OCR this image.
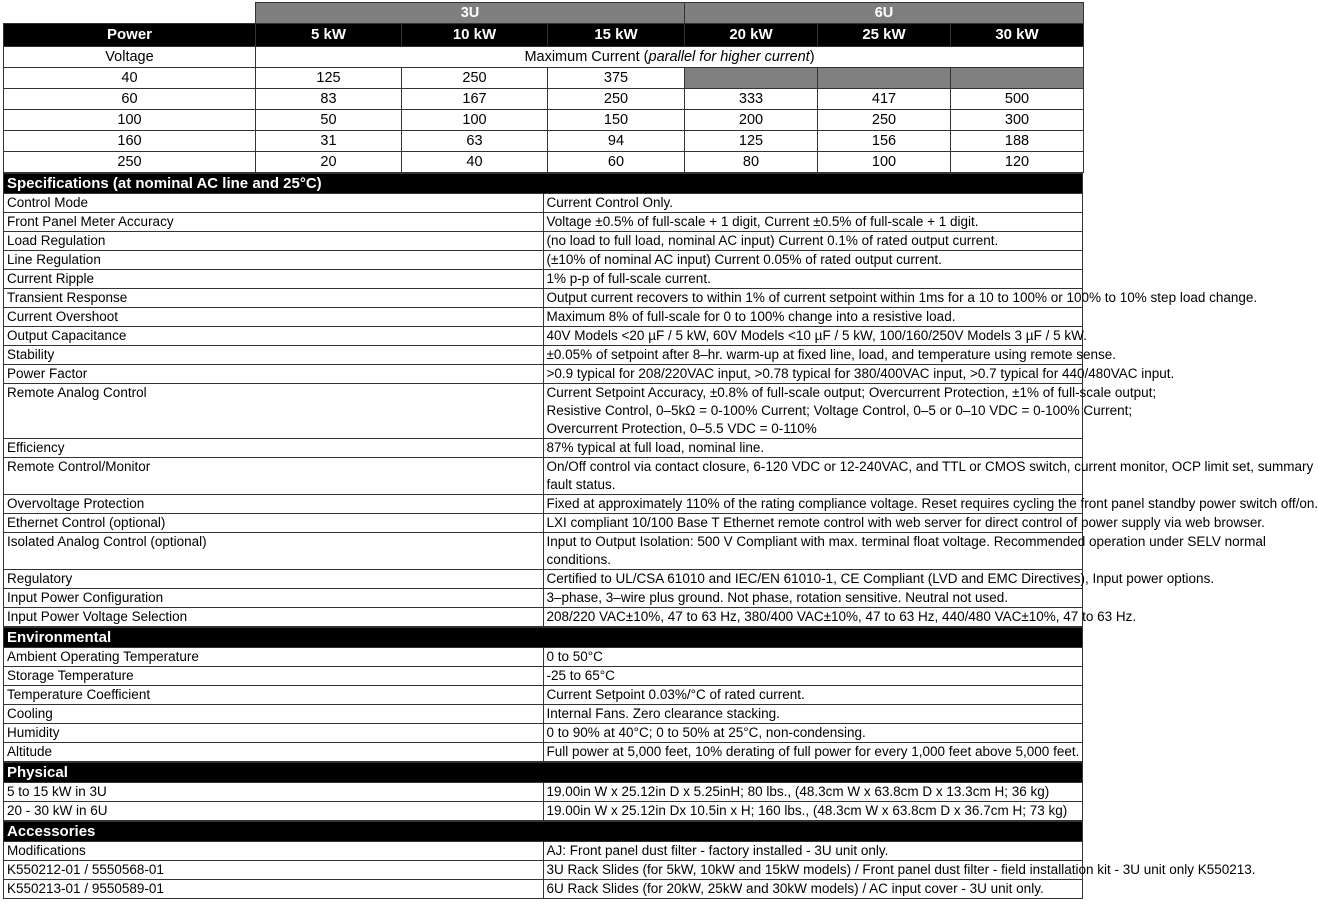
	3U			6U		
Power	5 kW	10 kW	15 kW	20 kW	25 kW	30 kW
Voltage	Maximum Current (parallel for higher current)					
40	125	250	375			
60	83	167	250	333	417	500
100	50	100	150	200	250	300
160	31	63	94	125	156	188
250	20	40	60	80	100	120
Specifications (at nominal AC line and 25°C)	
Control Mode	Current Control Only.
Front Panel Meter Accuracy	Voltage ±0.5% of full-scale + 1 digit, Current ±0.5% of full-scale + 1 digit.
Load Regulation	(no load to full load, nominal AC input) Current 0.1% of rated output current.
Line Regulation	(±10% of nominal AC input) Current 0.05% of rated output current.
Current Ripple	1% p-p of full-scale current.
Transient Response	Output current recovers to within 1% of current setpoint within 1ms for a 10 to 100% or 100% to 10% step load change.
Current Overshoot	Maximum 8% of full-scale for 0 to 100% change into a resistive load.
Output Capacitance	40V Models <20 µF / 5 kW, 60V Models <10 µF / 5 kW, 100/160/250V Models 3 µF / 5 kW.
Stability	±0.05% of setpoint after 8–hr. warm-up at fixed line, load, and temperature using remote sense.
Power Factor	>0.9 typical for 208/220VAC input, >0.78 typical for 380/400VAC input, >0.7 typical for 440/480VAC input.
Remote Analog Control	Current Setpoint Accuracy, ±0.8% of full-scale output; Overcurrent Protection, ±1% of full-scale output;
Resistive Control, 0–5kΩ = 0-100% Current; Voltage Control, 0–5 or 0–10 VDC = 0-100% Current;
Overcurrent Protection, 0–5.5 VDC = 0-110%

Efficiency	87% typical at full load, nominal line.
Remote Control/Monitor	On/Off control via contact closure, 6-120 VDC or 12-240VAC, and TTL or CMOS switch, current monitor, OCP limit set, summary
fault status.

Overvoltage Protection	Fixed at approximately 110% of the rating compliance voltage. Reset requires cycling the front panel standby power switch off/on.
Ethernet Control (optional)	LXI compliant 10/100 Base T Ethernet remote control with web server for direct control of power supply via web browser.
Isolated Analog Control (optional)	Input to Output Isolation: 500 V Compliant with max. terminal float voltage. Recommended operation under SELV normal
conditions.

Regulatory	Certified to UL/CSA 61010 and IEC/EN 61010-1, CE Compliant (LVD and EMC Directives), Input power options.
Input Power Configuration	3–phase, 3–wire plus ground. Not phase, rotation sensitive. Neutral not used.
Input Power Voltage Selection	208/220 VAC±10%, 47 to 63 Hz, 380/400 VAC±10%, 47 to 63 Hz, 440/480 VAC±10%, 47 to 63 Hz.
Environmental	
Ambient Operating Temperature	0 to 50°C
Storage Temperature	-25 to 65°C
Temperature Coefficient	Current Setpoint 0.03%/°C of rated current.
Cooling	Internal Fans. Zero clearance stacking.
Humidity	0 to 90% at 40°C; 0 to 50% at 25°C, non-condensing.
Altitude	Full power at 5,000 feet, 10% derating of full power for every 1,000 feet above 5,000 feet.
Physical	
5 to 15 kW in 3U	19.00in W x 25.12in D x 5.25inH; 80 lbs., (48.3cm W x 63.8cm D x 13.3cm H; 36 kg)
20 - 30 kW in 6U	19.00in W x 25.12in Dx 10.5in x H; 160 lbs., (48.3cm W x 63.8cm D x 36.7cm H; 73 kg)
Accessories	
Modifications	AJ: Front panel dust filter - factory installed - 3U unit only.
K550212-01 / 5550568-01	3U Rack Slides (for 5kW, 10kW and 15kW models) / Front panel dust filter - field installation kit - 3U unit only K550213.
K550213-01 / 9550589-01	6U Rack Slides (for 20kW, 25kW and 30kW models) / AC input cover - 3U unit only.
